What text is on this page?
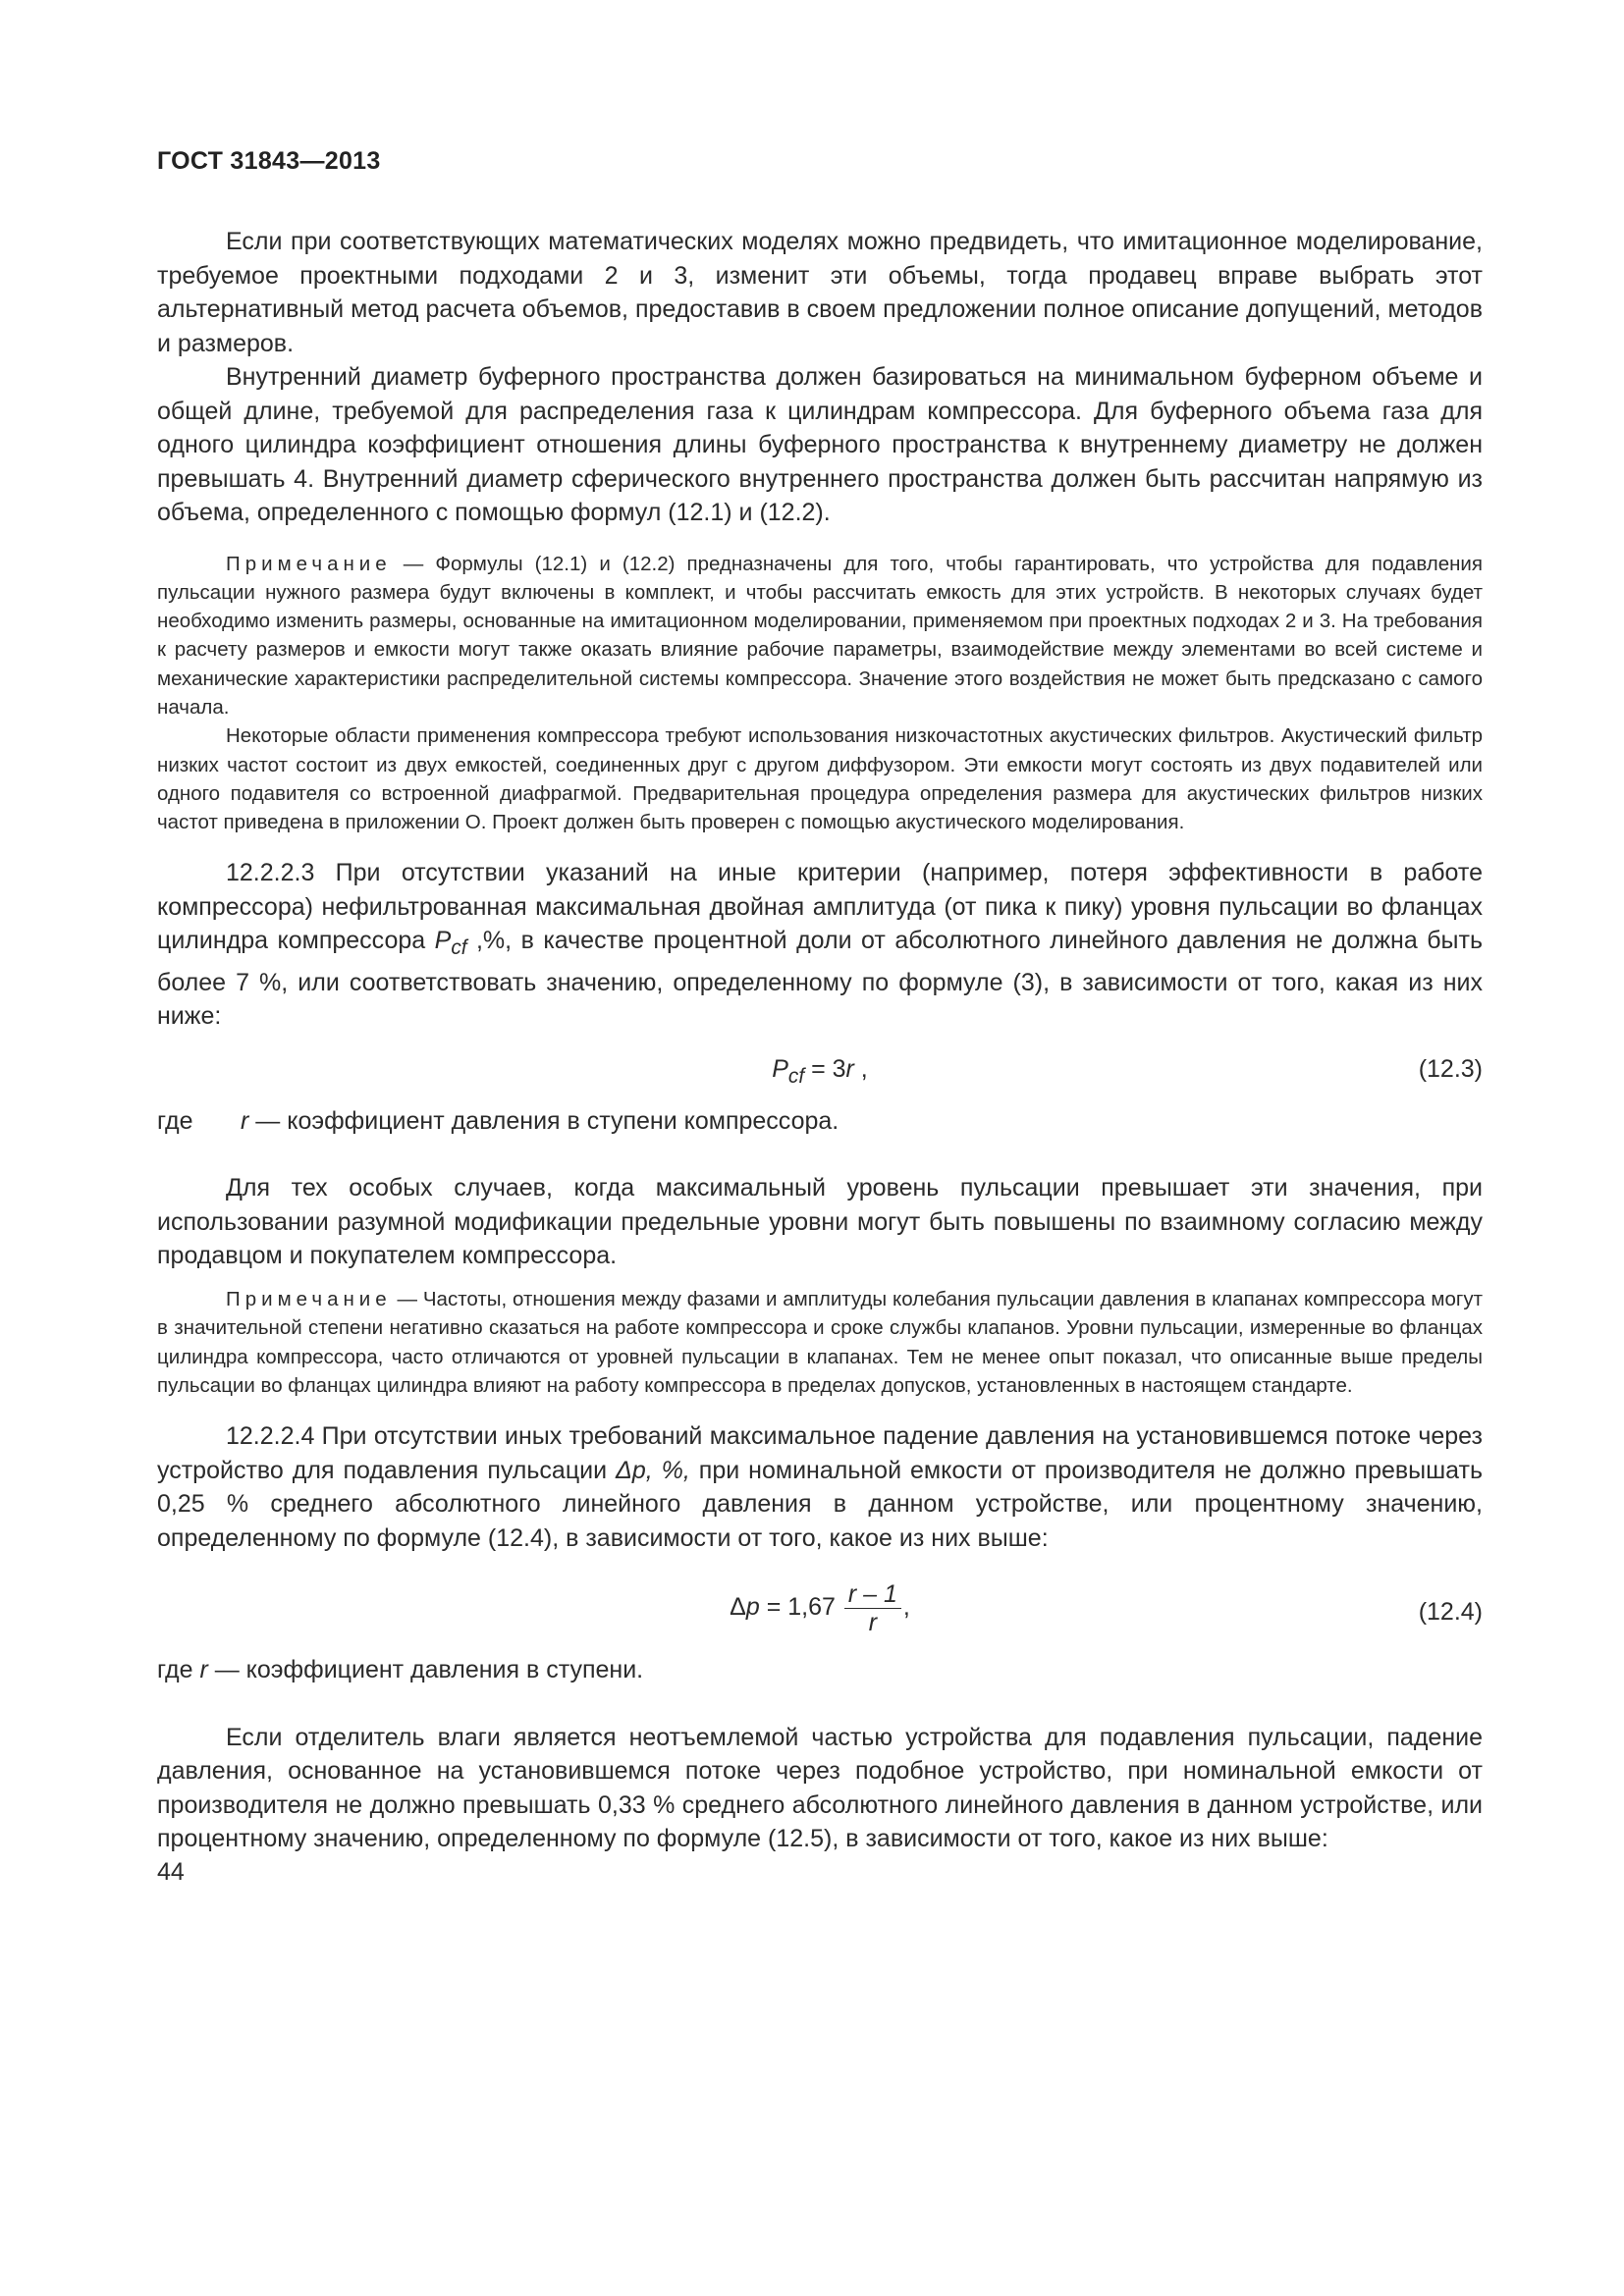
ГОСТ 31843—2013

Если при соответствующих математических моделях можно предвидеть, что имитационное моделирование, требуемое проектными подходами 2 и 3, изменит эти объемы, тогда продавец вправе выбрать этот альтернативный метод расчета объемов, предоставив в своем предложении полное описание допущений, методов и размеров.

Внутренний диаметр буферного пространства должен базироваться на минимальном буферном объеме и общей длине, требуемой для распределения газа к цилиндрам компрессора. Для буферного объема газа для одного цилиндра коэффициент отношения длины буферного пространства к внутреннему диаметру не должен превышать 4. Внутренний диаметр сферического внутреннего пространства должен быть рассчитан напрямую из объема, определенного с помощью формул (12.1) и (12.2).

Примечание — Формулы (12.1) и (12.2) предназначены для того, чтобы гарантировать, что устройства для подавления пульсации нужного размера будут включены в комплект, и чтобы рассчитать емкость для этих устройств. В некоторых случаях будет необходимо изменить размеры, основанные на имитационном моделировании, применяемом при проектных подходах 2 и 3. На требования к расчету размеров и емкости могут также оказать влияние рабочие параметры, взаимодействие между элементами во всей системе и механические характеристики распределительной системы компрессора. Значение этого воздействия не может быть предсказано с самого начала.

Некоторые области применения компрессора требуют использования низкочастотных акустических фильтров. Акустический фильтр низких частот состоит из двух емкостей, соединенных друг с другом диффузором. Эти емкости могут состоять из двух подавителей или одного подавителя со встроенной диафрагмой. Предварительная процедура определения размера для акустических фильтров низких частот приведена в приложении О. Проект должен быть проверен с помощью акустического моделирования.

12.2.2.3 При отсутствии указаний на иные критерии (например, потеря эффективности в работе компрессора) нефильтрованная максимальная двойная амплитуда (от пика к пику) уровня пульсации во фланцах цилиндра компрессора $P_{cf}$ ,%, в качестве процентной доли от абсолютного линейного давления не должна быть более 7 %, или соответствовать значению, определенному по формуле (3), в зависимости от того, какая из них ниже:

$P_{cf} = 3r$ ,	(12.3)

где r — коэффициент давления в ступени компрессора.

Для тех особых случаев, когда максимальный уровень пульсации превышает эти значения, при использовании разумной модификации предельные уровни могут быть повышены по взаимному согласию между продавцом и покупателем компрессора.

Примечание — Частоты, отношения между фазами и амплитуды колебания пульсации давления в клапанах компрессора могут в значительной степени негативно сказаться на работе компрессора и сроке службы клапанов. Уровни пульсации, измеренные во фланцах цилиндра компрессора, часто отличаются от уровней пульсации в клапанах. Тем не менее опыт показал, что описанные выше пределы пульсации во фланцах цилиндра влияют на работу компрессора в пределах допусков, установленных в настоящем стандарте.

12.2.2.4 При отсутствии иных требований максимальное падение давления на установившемся потоке через устройство для подавления пульсации Δp, %, при номинальной емкости от производителя не должно превышать 0,25 % среднего абсолютного линейного давления в данном устройстве, или процентному значению, определенному по формуле (12.4), в зависимости от того, какое из них выше:

$\Delta p = 1,67 \frac{r - 1}{r}$ ,	(12.4)

где r — коэффициент давления в ступени.

Если отделитель влаги является неотъемлемой частью устройства для подавления пульсации, падение давления, основанное на установившемся потоке через подобное устройство, при номинальной емкости от производителя не должно превышать 0,33 % среднего абсолютного линейного давления в данном устройстве, или процентному значению, определенному по формуле (12.5), в зависимости от того, какое из них выше:

44
